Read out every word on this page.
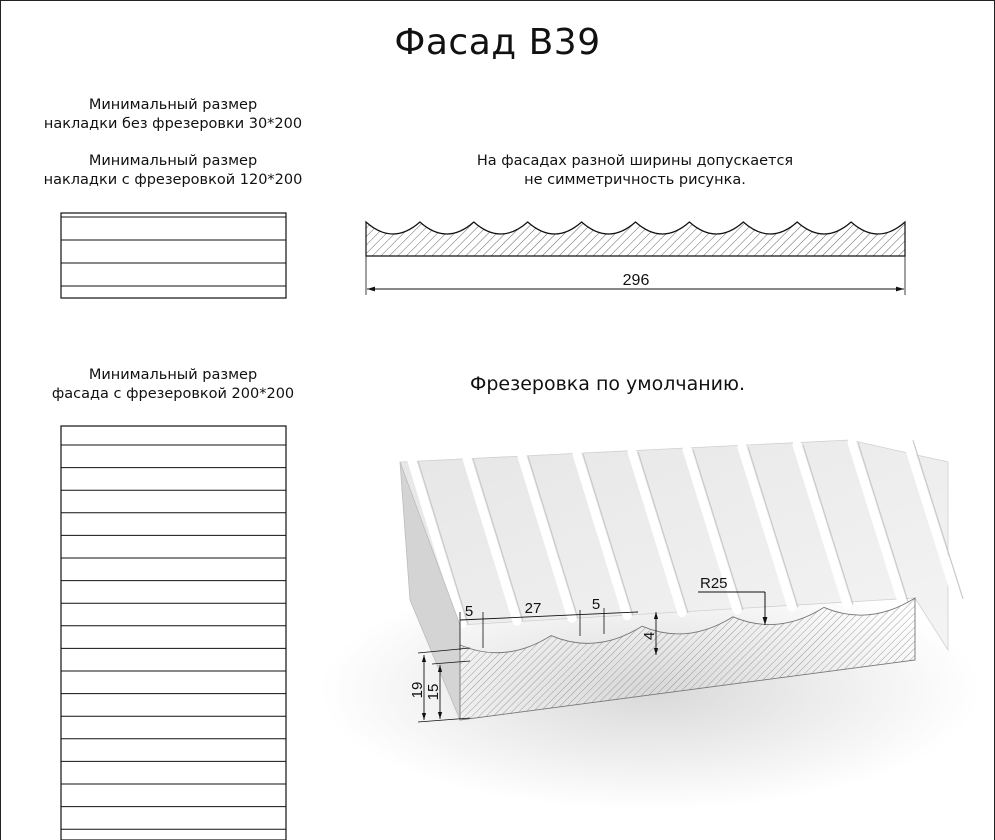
Фасад В39
Минимальный размер
накладки без фрезеровки 30*200
Минимальный размер
накладки с фрезеровкой 120*200
Минимальный размер
фасада с фрезеровкой 200*200
На фасадах разной ширины допускается
не симметричность рисунка.
Фрезеровка по умолчанию.
296
5	27	5
4
R25
19 15
